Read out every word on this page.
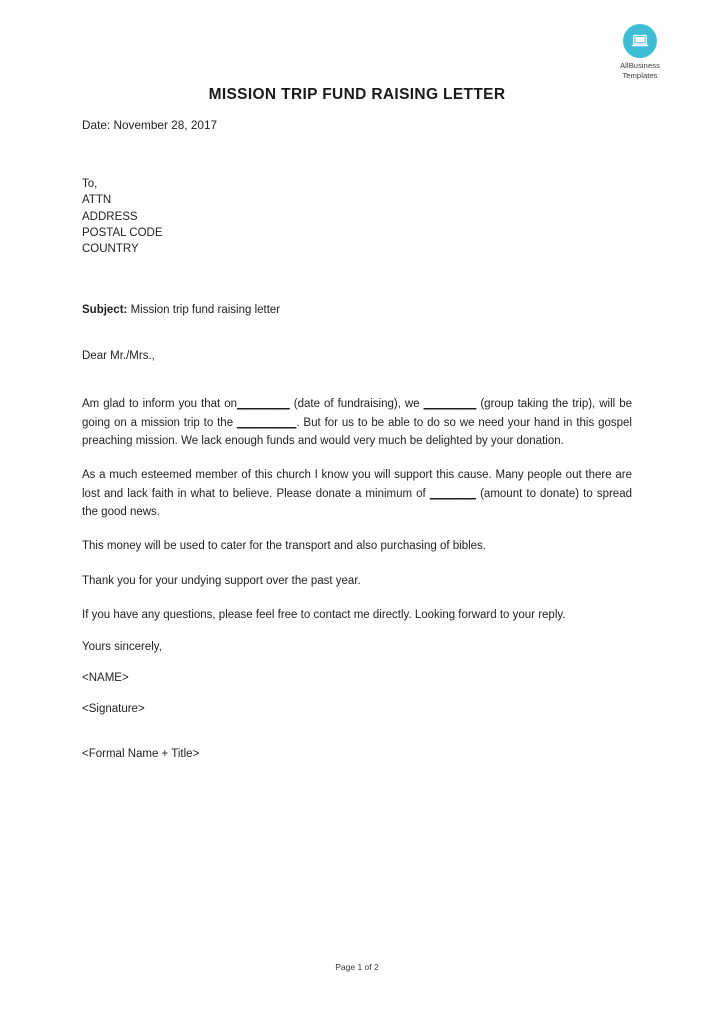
AllBusiness
Templates
MISSION TRIP FUND RAISING LETTER
Date: November 28, 2017
To,
ATTN
ADDRESS
POSTAL CODE
COUNTRY
Subject: Mission trip fund raising letter
Dear Mr./Mrs.,

Am glad to inform you that on________ (date of fundraising), we ________ (group taking the trip), will be going on a mission trip to the _________. But for us to be able to do so we need your hand in this gospel preaching mission. We lack enough funds and would very much be delighted by your donation.

As a much esteemed member of this church I know you will support this cause. Many people out there are lost and lack faith in what to believe. Please donate a minimum of _______ (amount to donate) to spread the good news.

This money will be used to cater for the transport and also purchasing of bibles.

Thank you for your undying support over the past year.

If you have any questions, please feel free to contact me directly. Looking forward to your reply.

Yours sincerely,
<NAME>
<Signature>
<Formal Name + Title>
Page 1 of 2
